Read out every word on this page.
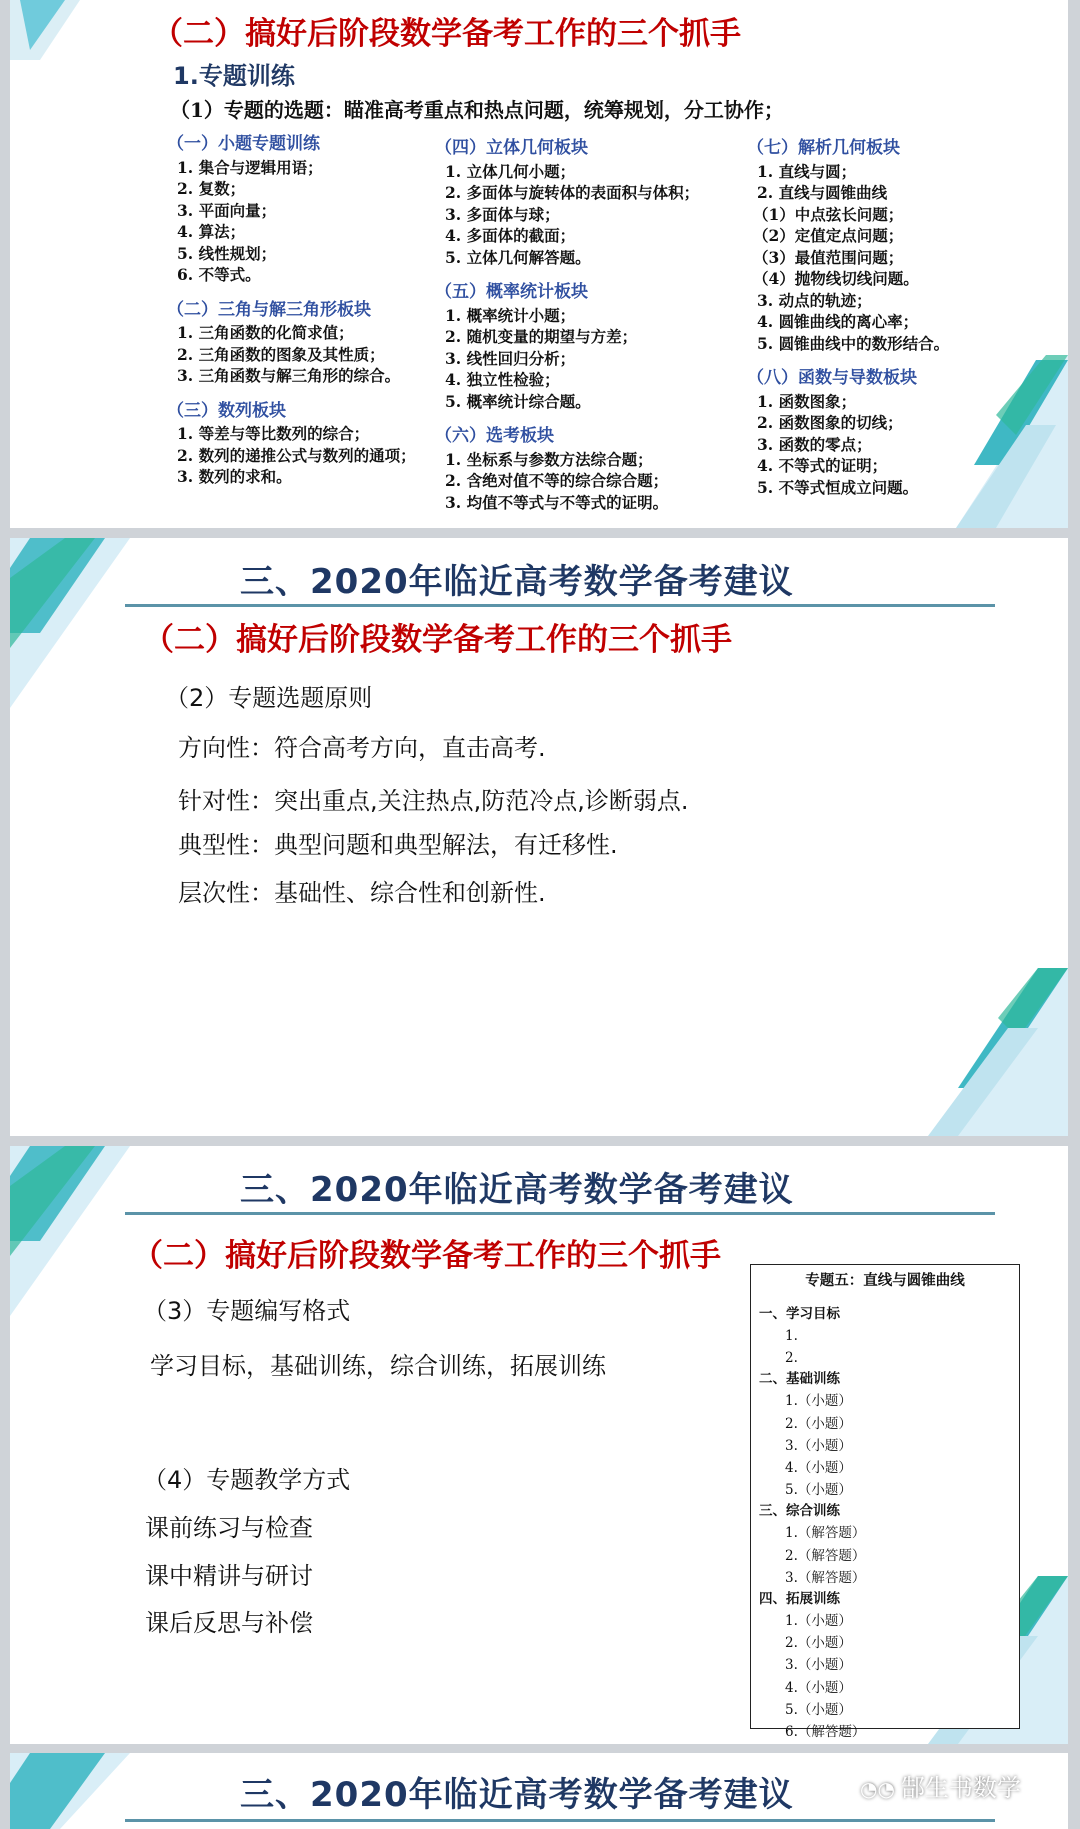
（二）搞好后阶段数学备考工作的三个抓手
1.专题训练
（1）专题的选题：瞄准高考重点和热点问题，统筹规划，分工协作；
（一）小题专题训练
1. 集合与逻辑用语；
2. 复数；
3. 平面向量；
4. 算法；
5. 线性规划；
6. 不等式。
（二）三角与解三角形板块
1. 三角函数的化简求值；
2. 三角函数的图象及其性质；
3. 三角函数与解三角形的综合。
（三）数列板块
1. 等差与等比数列的综合；
2. 数列的递推公式与数列的通项；
3. 数列的求和。
（四）立体几何板块
1. 立体几何小题；
2. 多面体与旋转体的表面积与体积；
3. 多面体与球；
4. 多面体的截面；
5. 立体几何解答题。
（五）概率统计板块
1. 概率统计小题；
2. 随机变量的期望与方差；
3. 线性回归分析；
4. 独立性检验；
5. 概率统计综合题。
（六）选考板块
1. 坐标系与参数方法综合题；
2. 含绝对值不等的综合综合题；
3. 均值不等式与不等式的证明。
（七）解析几何板块
1. 直线与圆；
2. 直线与圆锥曲线
（1）中点弦长问题；
（2）定值定点问题；
（3）最值范围问题；
（4）抛物线切线问题。
3. 动点的轨迹；
4. 圆锥曲线的离心率；
5. 圆锥曲线中的数形结合。
（八）函数与导数板块
1. 函数图象；
2. 函数图象的切线；
3. 函数的零点；
4. 不等式的证明；
5. 不等式恒成立问题。
三、2020年临近高考数学备考建议
（二）搞好后阶段数学备考工作的三个抓手
（2）专题选题原则
方向性：符合高考方向，直击高考.
针对性：突出重点,关注热点,防范冷点,诊断弱点.
典型性：典型问题和典型解法，有迁移性.
层次性：基础性、综合性和创新性.
三、2020年临近高考数学备考建议
（二）搞好后阶段数学备考工作的三个抓手
（3）专题编写格式
学习目标，基础训练，综合训练，拓展训练
（4）专题教学方式
课前练习与检查
课中精讲与研讨
课后反思与补偿
专题五：直线与圆锥曲线
一、学习目标
1.
2.
二、基础训练
1.（小题）
2.（小题）
3.（小题）
4.（小题）
5.（小题）
三、综合训练
1.（解答题）
2.（解答题）
3.（解答题）
四、拓展训练
1.（小题）
2.（小题）
3.（小题）
4.（小题）
5.（小题）
6.（解答题）
三、2020年临近高考数学备考建议	◔◔ 郜生书数学
